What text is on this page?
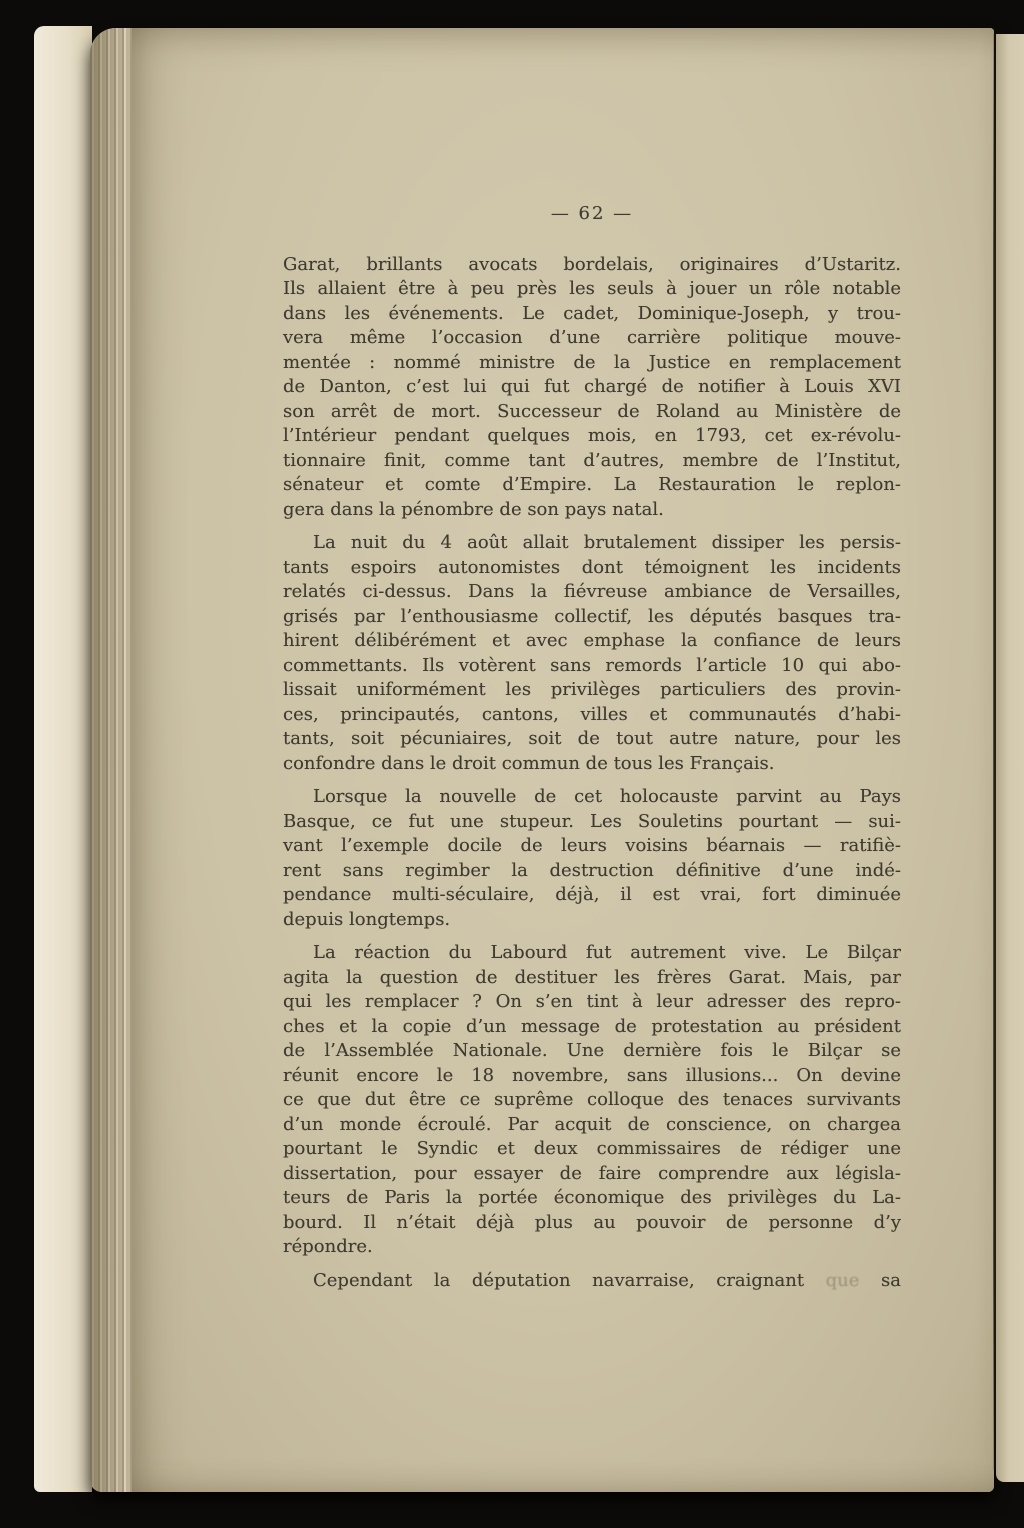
— 62 —
Garat, brillants avocats bordelais, originaires d’Ustaritz.
Ils allaient être à peu près les seuls à jouer un rôle notable
dans les événements. Le cadet, Dominique-Joseph, y trou-
vera même l’occasion d’une carrière politique mouve-
mentée : nommé ministre de la Justice en remplacement
de Danton, c’est lui qui fut chargé de notifier à Louis XVI
son arrêt de mort. Successeur de Roland au Ministère de
l’Intérieur pendant quelques mois, en 1793, cet ex-révolu-
tionnaire finit, comme tant d’autres, membre de l’Institut,
sénateur et comte d’Empire. La Restauration le replon-
gera dans la pénombre de son pays natal.
La nuit du 4 août allait brutalement dissiper les persis-
tants espoirs autonomistes dont témoignent les incidents
relatés ci-dessus. Dans la fiévreuse ambiance de Versailles,
grisés par l’enthousiasme collectif, les députés basques tra-
hirent délibérément et avec emphase la confiance de leurs
commettants. Ils votèrent sans remords l’article 10 qui abo-
lissait uniformément les privilèges particuliers des provin-
ces, principautés, cantons, villes et communautés d’habi-
tants, soit pécuniaires, soit de tout autre nature, pour les
confondre dans le droit commun de tous les Français.
Lorsque la nouvelle de cet holocauste parvint au Pays
Basque, ce fut une stupeur. Les Souletins pourtant — sui-
vant l’exemple docile de leurs voisins béarnais — ratifiè-
rent sans regimber la destruction définitive d’une indé-
pendance multi-séculaire, déjà, il est vrai, fort diminuée
depuis longtemps.
La réaction du Labourd fut autrement vive. Le Bilçar
agita la question de destituer les frères Garat. Mais, par
qui les remplacer ? On s’en tint à leur adresser des repro-
ches et la copie d’un message de protestation au président
de l’Assemblée Nationale. Une dernière fois le Bilçar se
réunit encore le 18 novembre, sans illusions... On devine
ce que dut être ce suprême colloque des tenaces survivants
d’un monde écroulé. Par acquit de conscience, on chargea
pourtant le Syndic et deux commissaires de rédiger une
dissertation, pour essayer de faire comprendre aux législa-
teurs de Paris la portée économique des privilèges du La-
bourd. Il n’était déjà plus au pouvoir de personne d’y
répondre.
Cependant la députation navarraise, craignant que sa
